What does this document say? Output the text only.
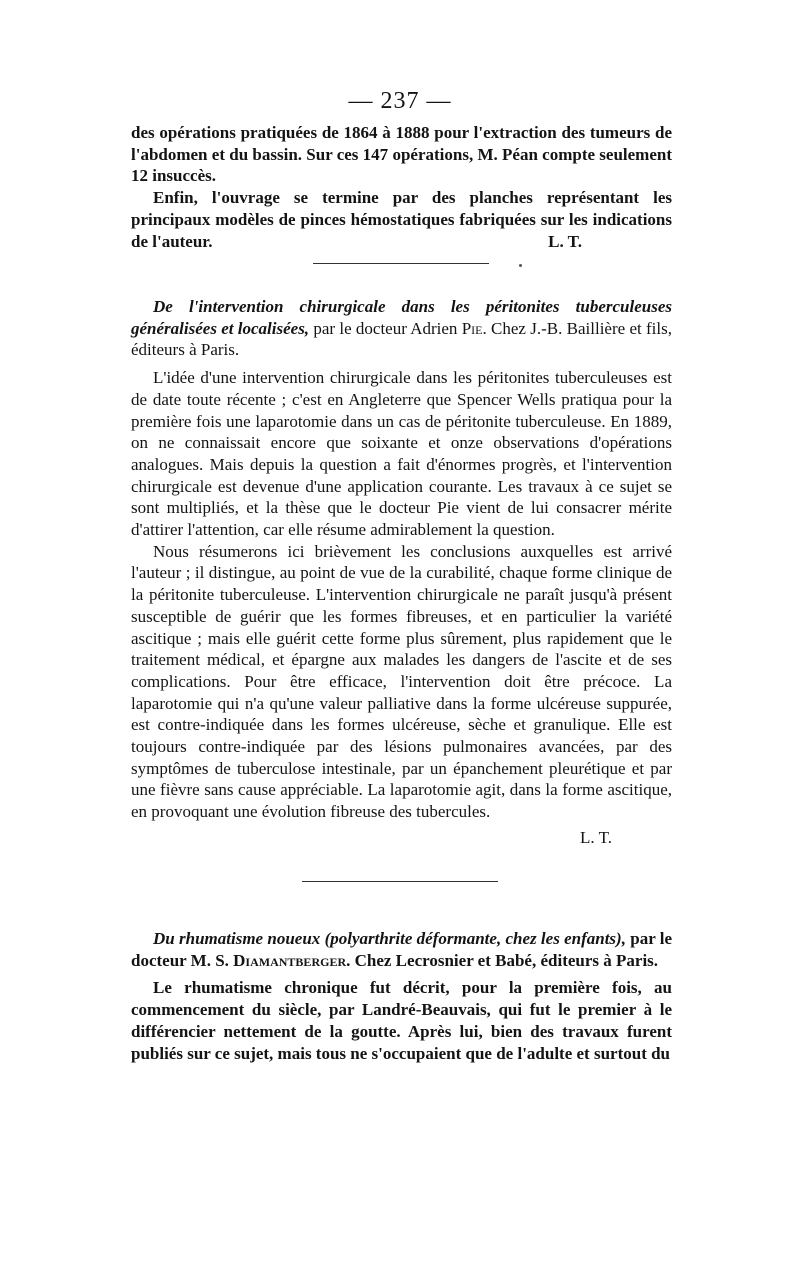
— 237 —

des opérations pratiquées de 1864 à 1888 pour l'extraction des tumeurs de l'abdomen et du bassin. Sur ces 147 opérations, M. Péan compte seulement 12 insuccès.

Enfin, l'ouvrage se termine par des planches représentant les principaux modèles de pinces hémostatiques fabriquées sur les indications de l'auteur.	L. T.

De l'intervention chirurgicale dans les péritonites tuberculeuses généralisées et localisées, par le docteur Adrien Pie. Chez J.-B. Baillière et fils, éditeurs à Paris.

L'idée d'une intervention chirurgicale dans les péritonites tuberculeuses est de date toute récente ; c'est en Angleterre que Spencer Wells pratiqua pour la première fois une laparotomie dans un cas de péritonite tuberculeuse. En 1889, on ne connaissait encore que soixante et onze observations d'opérations analogues. Mais depuis la question a fait d'énormes progrès, et l'intervention chirurgicale est devenue d'une application courante. Les travaux à ce sujet se sont multipliés, et la thèse que le docteur Pie vient de lui consacrer mérite d'attirer l'attention, car elle résume admirablement la question.

Nous résumerons ici brièvement les conclusions auxquelles est arrivé l'auteur ; il distingue, au point de vue de la curabilité, chaque forme clinique de la péritonite tuberculeuse. L'intervention chirurgicale ne paraît jusqu'à présent susceptible de guérir que les formes fibreuses, et en particulier la variété ascitique ; mais elle guérit cette forme plus sûrement, plus rapidement que le traitement médical, et épargne aux malades les dangers de l'ascite et de ses complications. Pour être efficace, l'intervention doit être précoce. La laparotomie qui n'a qu'une valeur palliative dans la forme ulcéreuse suppurée, est contre-indiquée dans les formes ulcéreuse, sèche et granulique. Elle est toujours contre-indiquée par des lésions pulmonaires avancées, par des symptômes de tuberculose intestinale, par un épanchement pleurétique et par une fièvre sans cause appréciable. La laparotomie agit, dans la forme ascitique, en provoquant une évolution fibreuse des tubercules.

L. T.

Du rhumatisme noueux (polyarthrite déformante, chez les enfants), par le docteur M. S. Diamantberger. Chez Lecrosnier et Babé, éditeurs à Paris.

Le rhumatisme chronique fut décrit, pour la première fois, au commencement du siècle, par Landré-Beauvais, qui fut le premier à le différencier nettement de la goutte. Après lui, bien des travaux furent publiés sur ce sujet, mais tous ne s'occupaient que de l'adulte et surtout du
